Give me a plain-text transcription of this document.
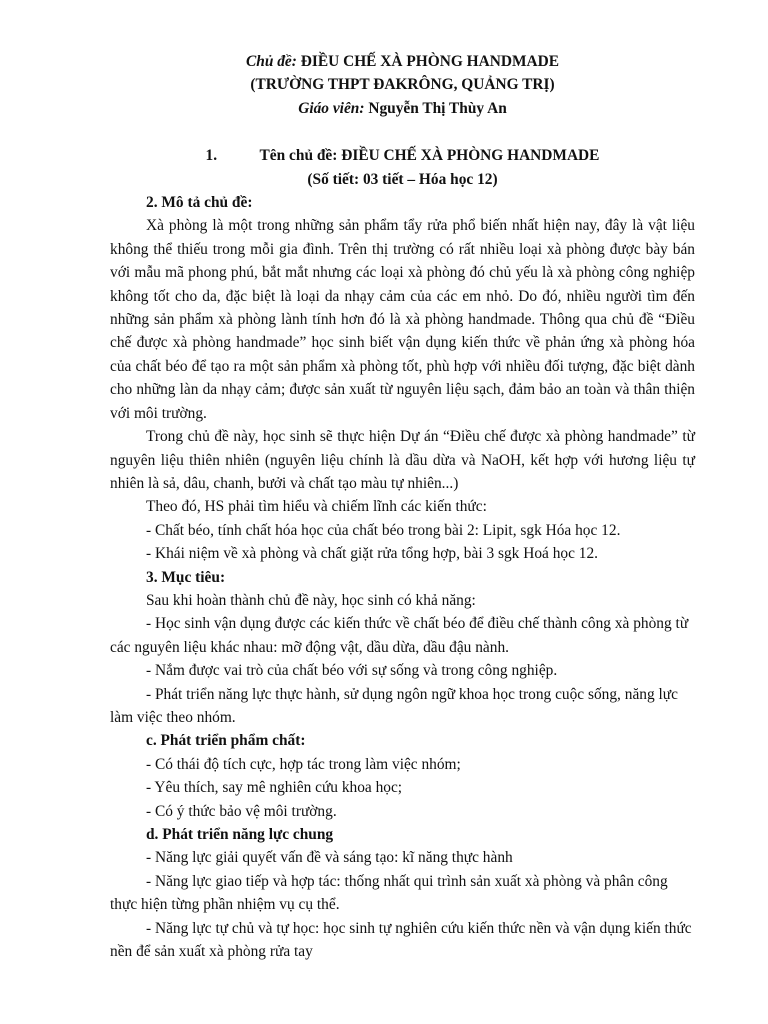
Chủ đề: ĐIỀU CHẾ XÀ PHÒNG HANDMADE

(TRƯỜNG THPT ĐAKRÔNG, QUẢNG TRỊ)

Giáo viên: Nguyễn Thị Thùy An

1.	Tên chủ đề: ĐIỀU CHẾ XÀ PHÒNG HANDMADE

(Số tiết: 03 tiết – Hóa học 12)

2. Mô tả chủ đề:

Xà phòng là một trong những sản phẩm tẩy rửa phổ biến nhất hiện nay, đây là vật liệu không thể thiếu trong mỗi gia đình. Trên thị trường có rất nhiều loại xà phòng được bày bán với mẫu mã phong phú, bắt mắt nhưng các loại xà phòng đó chủ yếu là xà phòng công nghiệp không tốt cho da, đặc biệt là loại da nhạy cảm của các em nhỏ. Do đó, nhiều người tìm đến những sản phẩm xà phòng lành tính hơn đó là xà phòng handmade. Thông qua chủ đề “Điều chế được xà phòng handmade” học sinh biết vận dụng kiến thức về phản ứng xà phòng hóa của chất béo để tạo ra một sản phẩm xà phòng tốt, phù hợp với nhiều đối tượng, đặc biệt dành cho những làn da nhạy cảm; được sản xuất từ nguyên liệu sạch, đảm bảo an toàn và thân thiện với môi trường.

Trong chủ đề này, học sinh sẽ thực hiện Dự án “Điều chế được xà phòng handmade” từ nguyên liệu thiên nhiên (nguyên liệu chính là dầu dừa và NaOH, kết hợp với hương liệu tự nhiên là sả, dâu, chanh, bưởi và chất tạo màu tự nhiên...)

Theo đó, HS phải tìm hiểu và chiếm lĩnh các kiến thức:

- Chất béo, tính chất hóa học của chất béo trong bài 2: Lipit, sgk Hóa học 12.

- Khái niệm về xà phòng và chất giặt rửa tổng hợp, bài 3 sgk Hoá học 12.

3. Mục tiêu:

Sau khi hoàn thành chủ đề này, học sinh có khả năng:

- Học sinh vận dụng được các kiến thức về chất béo để điều chế thành công xà phòng từ các nguyên liệu khác nhau: mỡ động vật, dầu dừa, dầu đậu nành.

- Nắm được vai trò của chất béo với sự sống và trong công nghiệp.

- Phát triển năng lực thực hành, sử dụng ngôn ngữ khoa học trong cuộc sống, năng lực làm việc theo nhóm.

c. Phát triển phẩm chất:

- Có thái độ tích cực, hợp tác trong làm việc nhóm;

- Yêu thích, say mê nghiên cứu khoa học;

- Có ý thức bảo vệ môi trường.

d. Phát triển năng lực chung

- Năng lực giải quyết vấn đề và sáng tạo: kĩ năng thực hành

- Năng lực giao tiếp và hợp tác: thống nhất qui trình sản xuất xà phòng và phân công thực hiện từng phần nhiệm vụ cụ thể.

- Năng lực tự chủ và tự học: học sinh tự nghiên cứu kiến thức nền và vận dụng kiến thức nền để sản xuất xà phòng rửa tay
